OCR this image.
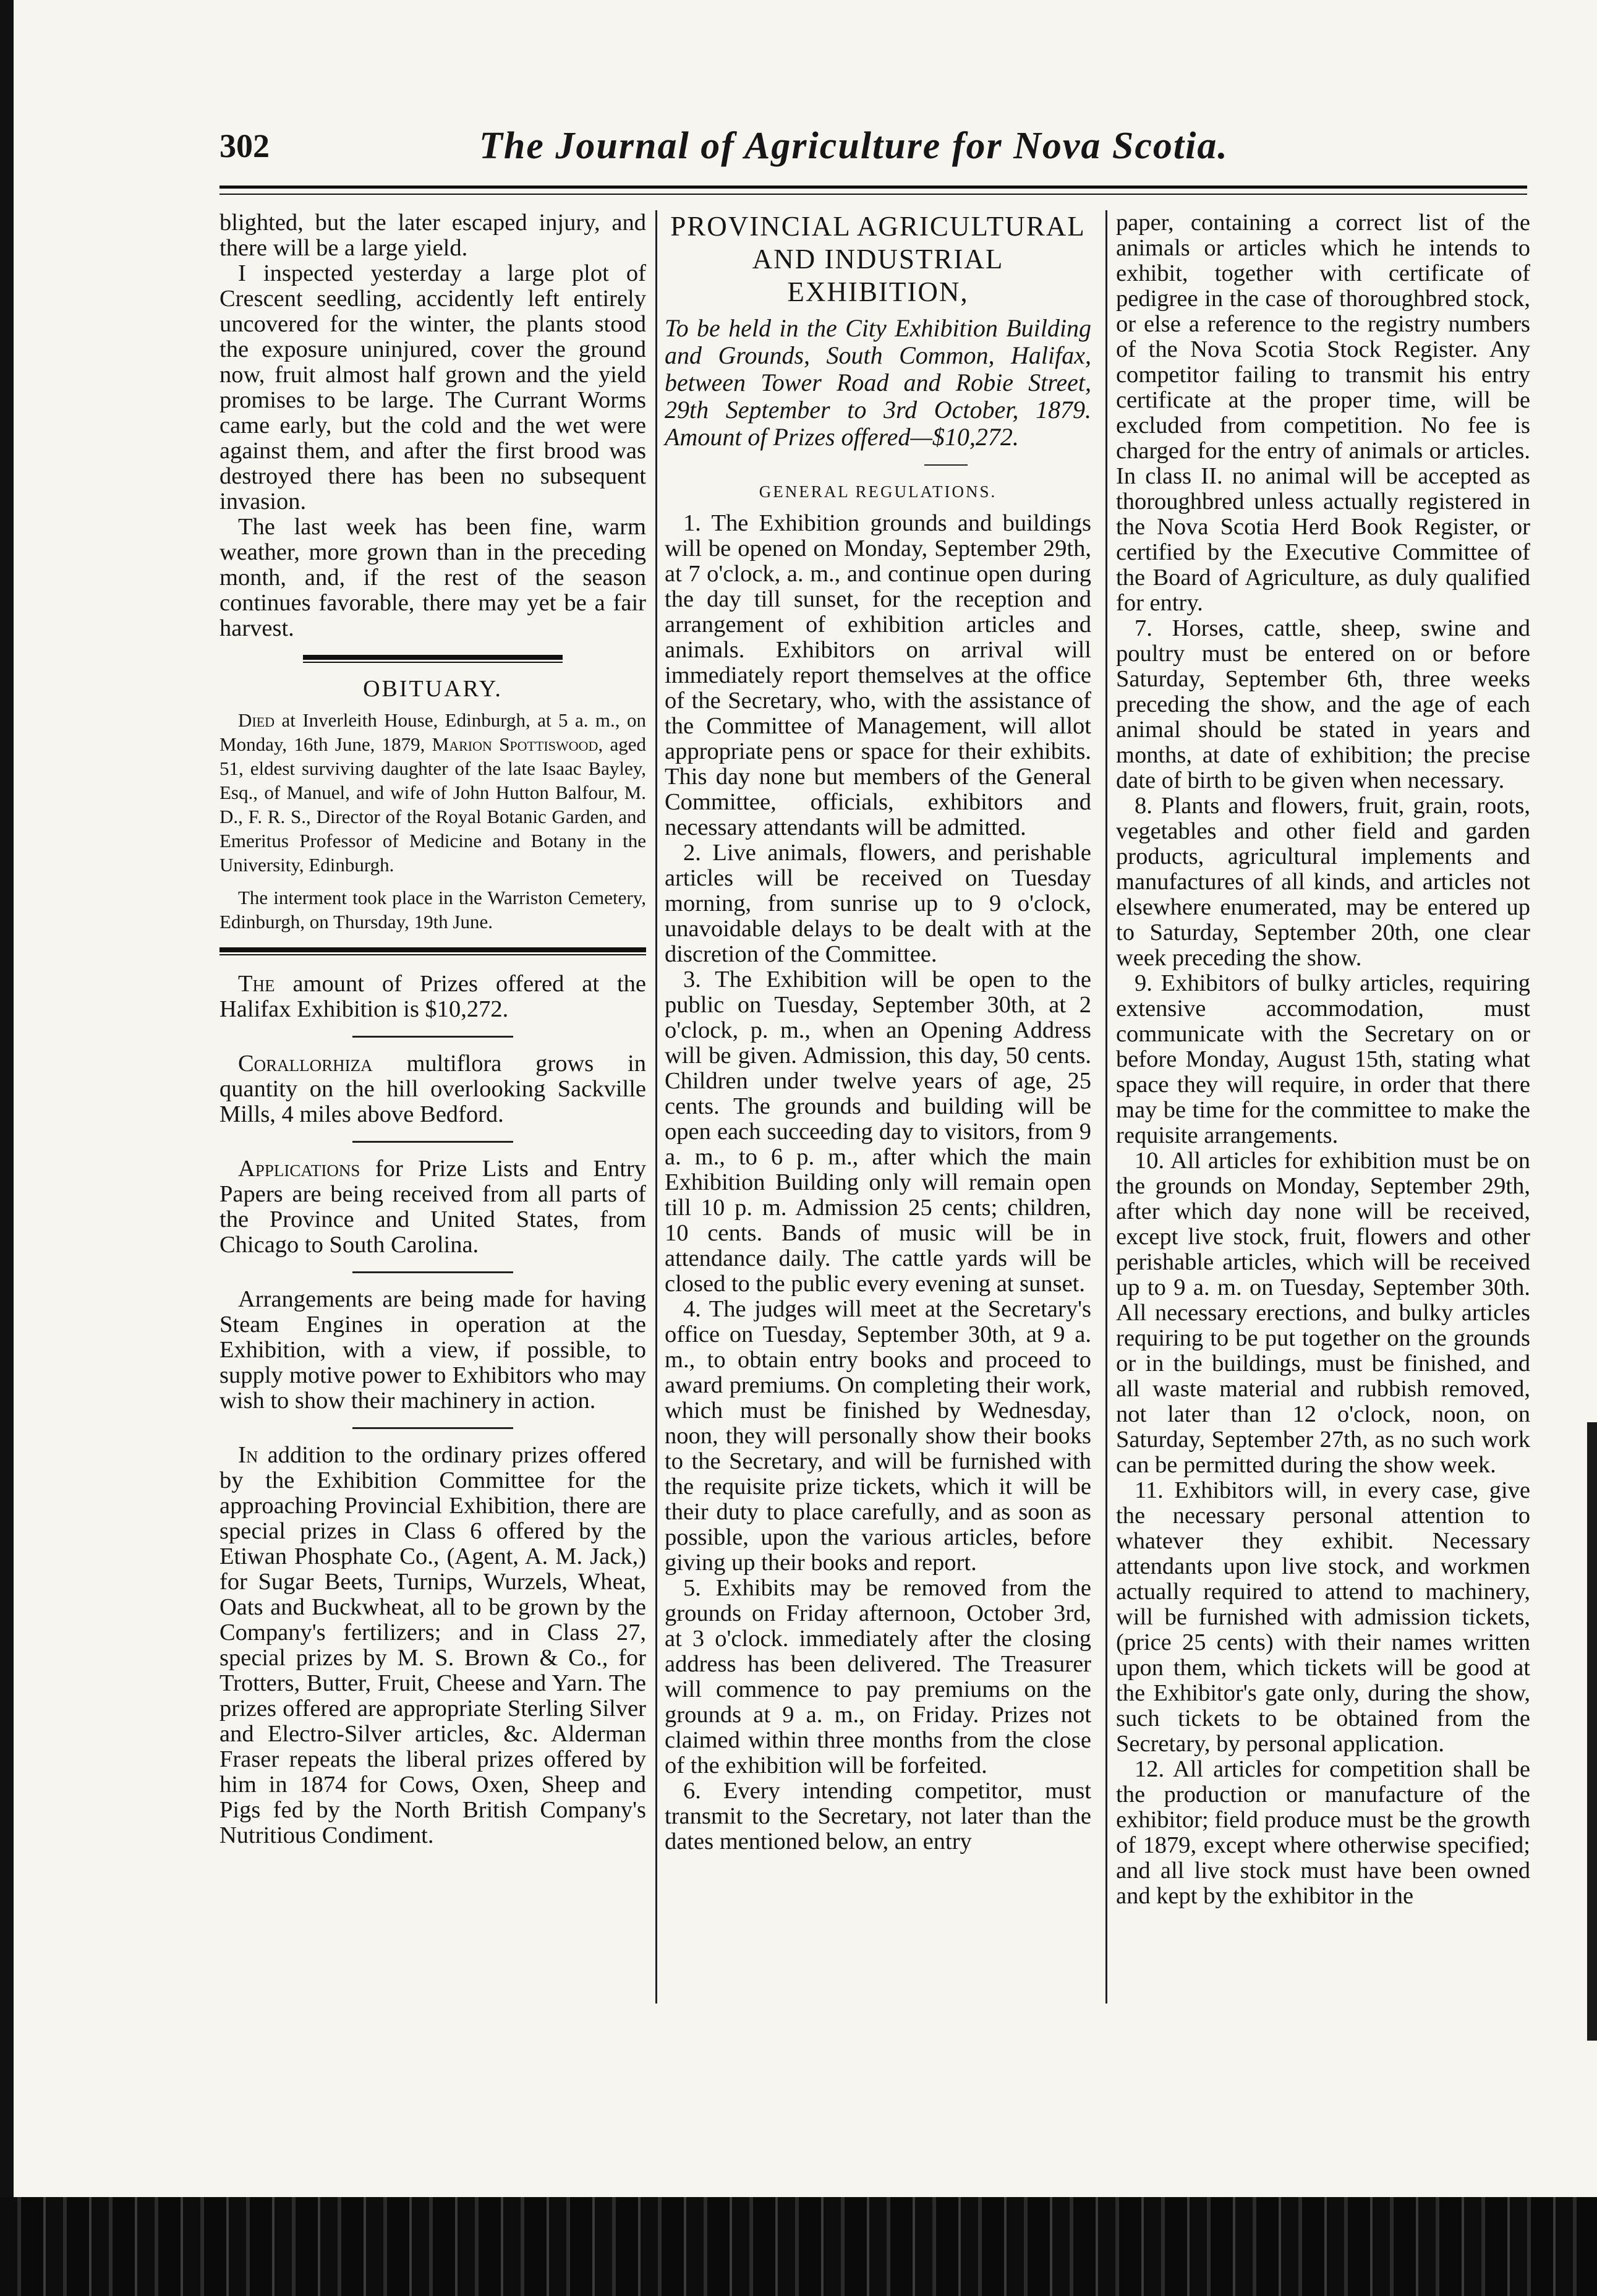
302	The Journal of Agriculture for Nova Scotia.

blighted, but the later escaped injury, and there will be a large yield.

I inspected yesterday a large plot of Crescent seedling, accidently left entirely uncovered for the winter, the plants stood the exposure uninjured, cover the ground now, fruit almost half grown and the yield promises to be large. The Currant Worms came early, but the cold and the wet were against them, and after the first brood was destroyed there has been no subsequent invasion.

The last week has been fine, warm weather, more grown than in the preceding month, and, if the rest of the season continues favorable, there may yet be a fair harvest.

OBITUARY.

Died at Inverleith House, Edinburgh, at 5 a. m., on Monday, 16th June, 1879, Marion Spottiswood, aged 51, eldest surviving daughter of the late Isaac Bayley, Esq., of Manuel, and wife of John Hutton Balfour, M. D., F. R. S., Director of the Royal Botanic Garden, and Emeritus Professor of Medicine and Botany in the University, Edinburgh.

The interment took place in the Warriston Cemetery, Edinburgh, on Thursday, 19th June.

The amount of Prizes offered at the Halifax Exhibition is $10,272.

Corallorhiza multiflora grows in quantity on the hill overlooking Sackville Mills, 4 miles above Bedford.

Applications for Prize Lists and Entry Papers are being received from all parts of the Province and United States, from Chicago to South Carolina.

Arrangements are being made for having Steam Engines in operation at the Exhibition, with a view, if possible, to supply motive power to Exhibitors who may wish to show their machinery in action.

In addition to the ordinary prizes offered by the Exhibition Committee for the approaching Provincial Exhibition, there are special prizes in Class 6 offered by the Etiwan Phosphate Co., (Agent, A. M. Jack,) for Sugar Beets, Turnips, Wurzels, Wheat, Oats and Buckwheat, all to be grown by the Company's fertilizers; and in Class 27, special prizes by M. S. Brown & Co., for Trotters, Butter, Fruit, Cheese and Yarn. The prizes offered are appropriate Sterling Silver and Electro-Silver articles, &c. Alderman Fraser repeats the liberal prizes offered by him in 1874 for Cows, Oxen, Sheep and Pigs fed by the North British Company's Nutritious Condiment.

PROVINCIAL AGRICULTURAL AND INDUSTRIAL EXHIBITION,

To be held in the City Exhibition Building and Grounds, South Common, Halifax, between Tower Road and Robie Street, 29th September to 3rd October, 1879. Amount of Prizes offered—$10,272.

GENERAL REGULATIONS.

1. The Exhibition grounds and buildings will be opened on Monday, September 29th, at 7 o'clock, a. m., and continue open during the day till sunset, for the reception and arrangement of exhibition articles and animals. Exhibitors on arrival will immediately report themselves at the office of the Secretary, who, with the assistance of the Committee of Management, will allot appropriate pens or space for their exhibits. This day none but members of the General Committee, officials, exhibitors and necessary attendants will be admitted.

2. Live animals, flowers, and perishable articles will be received on Tuesday morning, from sunrise up to 9 o'clock, unavoidable delays to be dealt with at the discretion of the Committee.

3. The Exhibition will be open to the public on Tuesday, September 30th, at 2 o'clock, p. m., when an Opening Address will be given. Admission, this day, 50 cents. Children under twelve years of age, 25 cents. The grounds and building will be open each succeeding day to visitors, from 9 a. m., to 6 p. m., after which the main Exhibition Building only will remain open till 10 p. m. Admission 25 cents; children, 10 cents. Bands of music will be in attendance daily. The cattle yards will be closed to the public every evening at sunset.

4. The judges will meet at the Secretary's office on Tuesday, September 30th, at 9 a. m., to obtain entry books and proceed to award premiums. On completing their work, which must be finished by Wednesday, noon, they will personally show their books to the Secretary, and will be furnished with the requisite prize tickets, which it will be their duty to place carefully, and as soon as possible, upon the various articles, before giving up their books and report.

5. Exhibits may be removed from the grounds on Friday afternoon, October 3rd, at 3 o'clock. immediately after the closing address has been delivered. The Treasurer will commence to pay premiums on the grounds at 9 a. m., on Friday. Prizes not claimed within three months from the close of the exhibition will be forfeited.

6. Every intending competitor, must transmit to the Secretary, not later than the dates mentioned below, an entry

paper, containing a correct list of the animals or articles which he intends to exhibit, together with certificate of pedigree in the case of thoroughbred stock, or else a reference to the registry numbers of the Nova Scotia Stock Register. Any competitor failing to transmit his entry certificate at the proper time, will be excluded from competition. No fee is charged for the entry of animals or articles. In class II. no animal will be accepted as thoroughbred unless actually registered in the Nova Scotia Herd Book Register, or certified by the Executive Committee of the Board of Agriculture, as duly qualified for entry.

7. Horses, cattle, sheep, swine and poultry must be entered on or before Saturday, September 6th, three weeks preceding the show, and the age of each animal should be stated in years and months, at date of exhibition; the precise date of birth to be given when necessary.

8. Plants and flowers, fruit, grain, roots, vegetables and other field and garden products, agricultural implements and manufactures of all kinds, and articles not elsewhere enumerated, may be entered up to Saturday, September 20th, one clear week preceding the show.

9. Exhibitors of bulky articles, requiring extensive accommodation, must communicate with the Secretary on or before Monday, August 15th, stating what space they will require, in order that there may be time for the committee to make the requisite arrangements.

10. All articles for exhibition must be on the grounds on Monday, September 29th, after which day none will be received, except live stock, fruit, flowers and other perishable articles, which will be received up to 9 a. m. on Tuesday, September 30th. All necessary erections, and bulky articles requiring to be put together on the grounds or in the buildings, must be finished, and all waste material and rubbish removed, not later than 12 o'clock, noon, on Saturday, September 27th, as no such work can be permitted during the show week.

11. Exhibitors will, in every case, give the necessary personal attention to whatever they exhibit. Necessary attendants upon live stock, and workmen actually required to attend to machinery, will be furnished with admission tickets, (price 25 cents) with their names written upon them, which tickets will be good at the Exhibitor's gate only, during the show, such tickets to be obtained from the Secretary, by personal application.

12. All articles for competition shall be the production or manufacture of the exhibitor; field produce must be the growth of 1879, except where otherwise specified; and all live stock must have been owned and kept by the exhibitor in the
